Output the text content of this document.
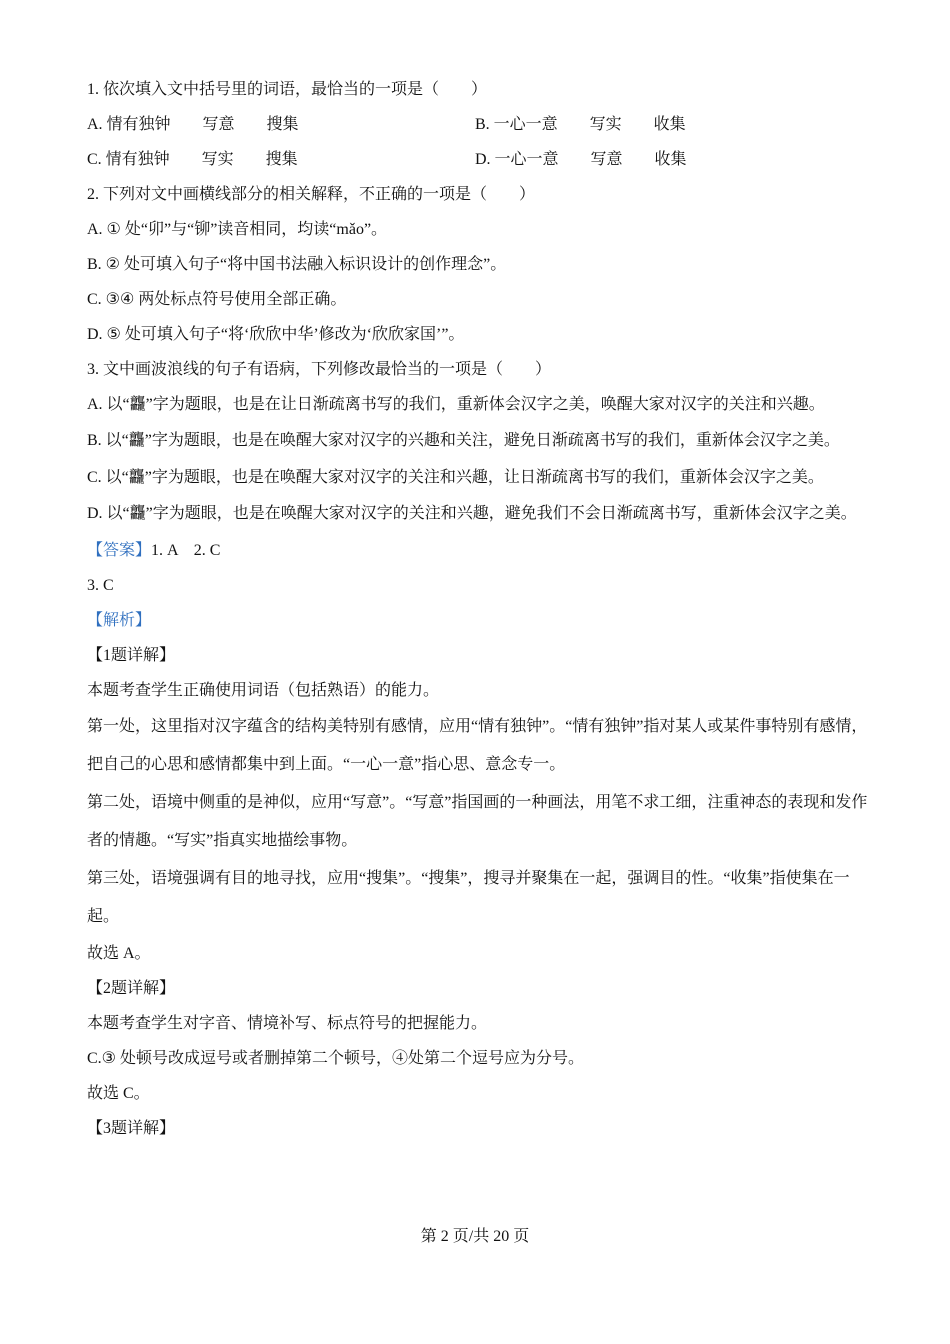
1. 依次填入文中括号里的词语，最恰当的一项是（　　）
A. 情有独钟　　写意　　搜集	B. 一心一意　　写实　　收集
C. 情有独钟　　写实　　搜集	D. 一心一意　　写意　　收集
2. 下列对文中画横线部分的相关解释，不正确的一项是（　　）
A. ① 处“卯”与“铆”读音相同，均读“mǎo”。
B. ② 处可填入句子“将中国书法融入标识设计的创作理念”。
C. ③④ 两处标点符号使用全部正确。
D. ⑤ 处可填入句子“将‘欣欣中华’修改为‘欣欣家国’”。
3. 文中画波浪线的句子有语病，下列修改最恰当的一项是（　　）
A. 以“龘”字为题眼，也是在让日渐疏离书写的我们，重新体会汉字之美，唤醒大家对汉字的关注和兴趣。
B. 以“龘”字为题眼，也是在唤醒大家对汉字的兴趣和关注，避免日渐疏离书写的我们，重新体会汉字之美。
C. 以“龘”字为题眼，也是在唤醒大家对汉字的关注和兴趣，让日渐疏离书写的我们，重新体会汉字之美。
D. 以“龘”字为题眼，也是在唤醒大家对汉字的关注和兴趣，避免我们不会日渐疏离书写，重新体会汉字之美。
【答案】1. A　2. C
3. C
【解析】
【1题详解】
本题考查学生正确使用词语（包括熟语）的能力。
第一处，这里指对汉字蕴含的结构美特别有感情，应用“情有独钟”。“情有独钟”指对某人或某件事特别有感情，把自己的心思和感情都集中到上面。“一心一意”指心思、意念专一。
第二处，语境中侧重的是神似，应用“写意”。“写意”指国画的一种画法，用笔不求工细，注重神态的表现和发作者的情趣。“写实”指真实地描绘事物。
第三处，语境强调有目的地寻找，应用“搜集”。“搜集”，搜寻并聚集在一起，强调目的性。“收集”指使集在一起。
故选 A。
【2题详解】
本题考查学生对字音、情境补写、标点符号的把握能力。
C.③ 处顿号改成逗号或者删掉第二个顿号，④处第二个逗号应为分号。
故选 C。
【3题详解】
第 2 页/共 20 页
